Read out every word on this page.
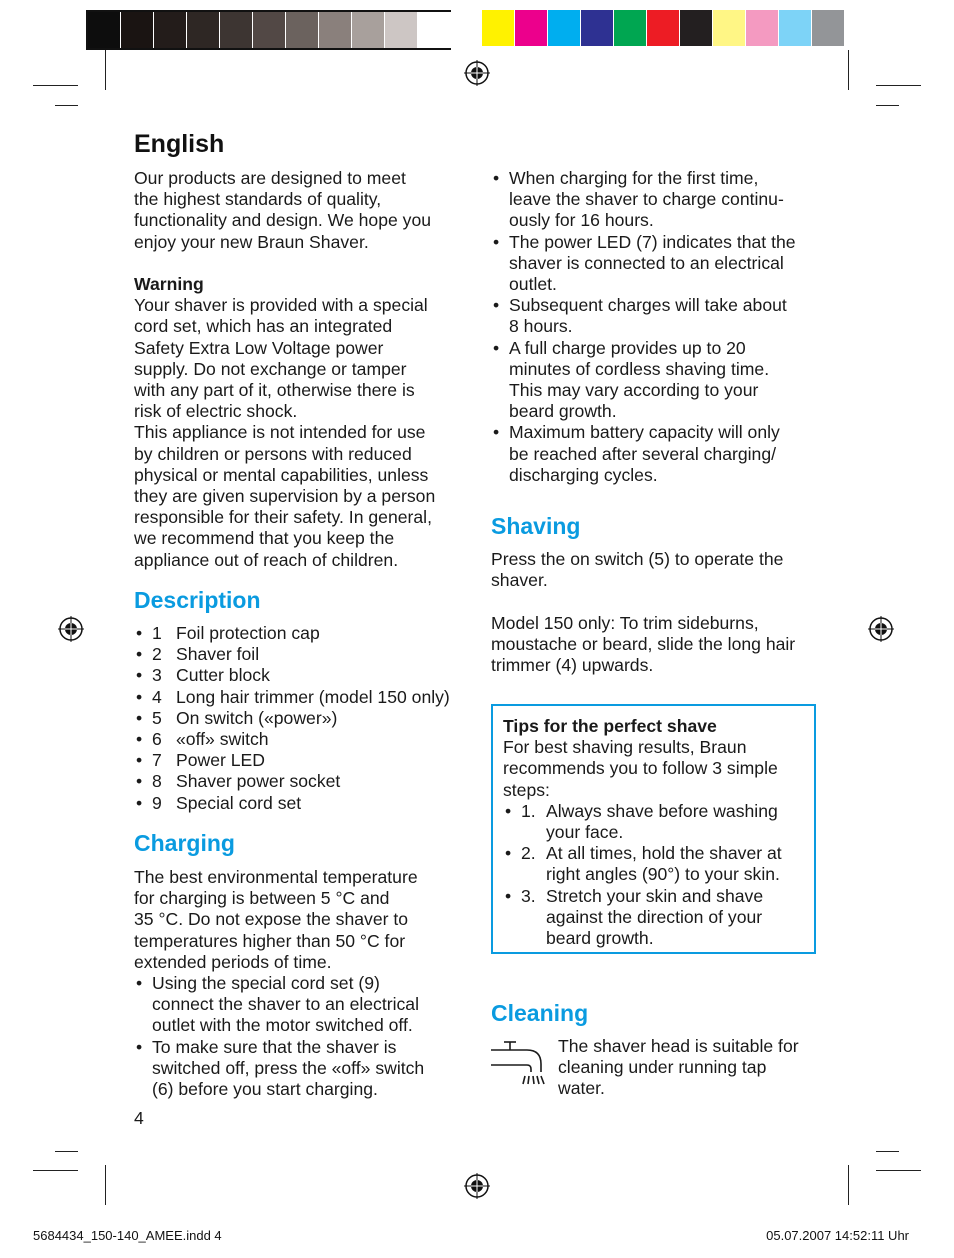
English
Our products are designed to meet
the highest standards of quality,
functionality and design. We hope you
enjoy your new Braun Shaver.
Warning
Your shaver is provided with a special
cord set, which has an integrated
Safety Extra Low Voltage power
supply. Do not exchange or tamper
with any part of it, otherwise there is
risk of electric shock.
This appliance is not intended for use
by children or persons with reduced
physical or mental capabilities, unless
they are given supervision by a person
responsible for their safety. In general,
we recommend that you keep the
appliance out of reach of children.
Description
• 1 Foil protection cap
• 2 Shaver foil
• 3 Cutter block
• 4 Long hair trimmer (model 150 only)
• 5 On switch («power»)
• 6 «off» switch
• 7 Power LED
• 8 Shaver power socket
• 9 Special cord set
Charging
The best environmental temperature
for charging is between 5 °C and
35 °C. Do not expose the shaver to
temperatures higher than 50 °C for
extended periods of time.
• Using the special cord set (9)
connect the shaver to an electrical
outlet with the motor switched off.
• To make sure that the shaver is
switched off, press the «off» switch
(6) before you start charging.
4
• When charging for the first time,
leave the shaver to charge continu-
ously for 16 hours.
• The power LED (7) indicates that the
shaver is connected to an electrical
outlet.
• Subsequent charges will take about
8 hours.
• A full charge provides up to 20
minutes of cordless shaving time.
This may vary according to your
beard growth.
• Maximum battery capacity will only
be reached after several charging/
discharging cycles.
Shaving
Press the on switch (5) to operate the
shaver.

Model 150 only: To trim sideburns,
moustache or beard, slide the long hair
trimmer (4) upwards.
Tips for the perfect shave
For best shaving results, Braun
recommends you to follow 3 simple
steps:
• 1. Always shave before washing
your face.
• 2. At all times, hold the shaver at
right angles (90°) to your skin.
• 3. Stretch your skin and shave
against the direction of your
beard growth.
Cleaning
The shaver head is suitable for
cleaning under running tap
water.
5684434_150-140_AMEE.indd 4	05.07.2007 14:52:11 Uhr
